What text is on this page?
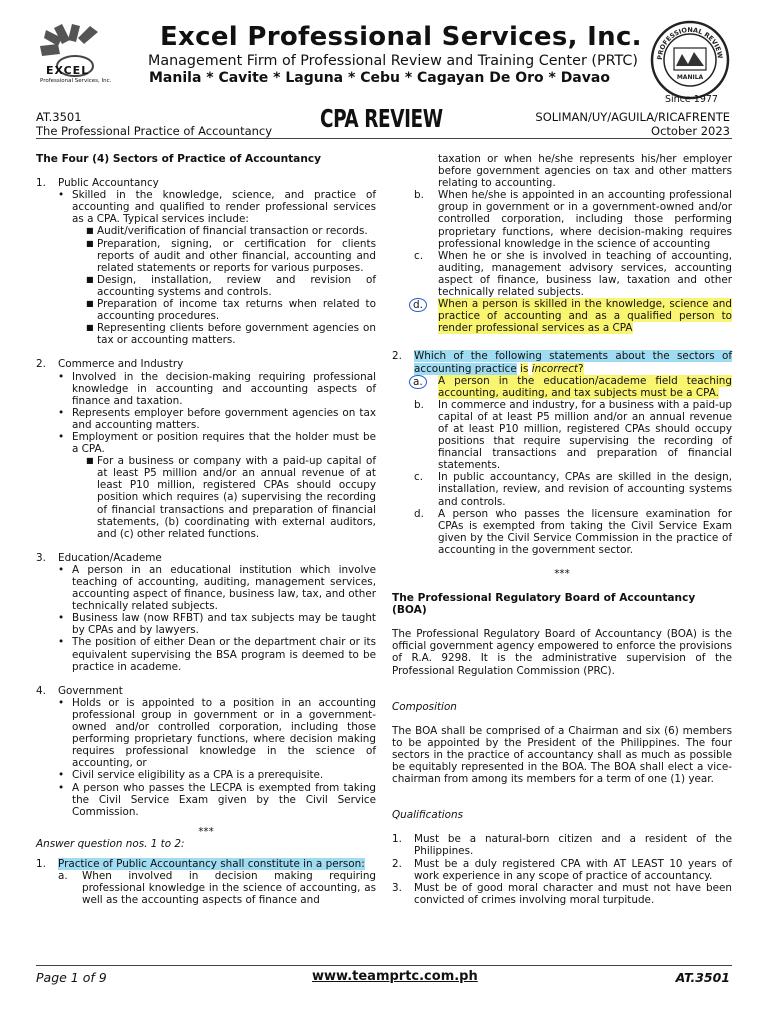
EXCEL
Professional Services, Inc.
Excel Professional Services, Inc.
Management Firm of Professional Review and Training Center (PRTC)
Manila * Cavite * Laguna * Cebu * Cagayan De Oro * Davao
PROFESSIONAL REVIEW
MANILA
Since 1977
AT.3501
The Professional Practice of Accountancy CPA REVIEW	SOLIMAN/UY/AGUILA/RICAFRENTE
October 2023

The Four (4) Sectors of Practice of Accountancy

1.	Public Accountancy
• Skilled in the knowledge, science, and practice of accounting and qualified to render professional services as a CPA. Typical services include:
■ Audit/verification of financial transaction or records.
■ Preparation, signing, or certification for clients reports of audit and other financial, accounting and related statements or reports for various purposes.
■ Design, installation, review and revision of accounting systems and controls.
■ Preparation of income tax returns when related to accounting procedures.
■ Representing clients before government agencies on tax or accounting matters.
2.	Commerce and Industry
• Involved in the decision-making requiring professional knowledge in accounting and accounting aspects of finance and taxation.
• Represents employer before government agencies on tax and accounting matters.
• Employment or position requires that the holder must be a CPA.
■ For a business or company with a paid-up capital of at least P5 million and/or an annual revenue of at least P10 million, registered CPAs should occupy position which requires (a) supervising the recording of financial transactions and preparation of financial statements, (b) coordinating with external auditors, and (c) other related functions.
3.	Education/Academe
• A person in an educational institution which involve teaching of accounting, auditing, management services, accounting aspect of finance, business law, tax, and other technically related subjects.
• Business law (now RFBT) and tax subjects may be taught by CPAs and by lawyers.
• The position of either Dean or the department chair or its equivalent supervising the BSA program is deemed to be practice in academe.
4.	Government
• Holds or is appointed to a position in an accounting professional group in government or in a government-owned and/or controlled corporation, including those performing proprietary functions, where decision making requires professional knowledge in the science of accounting, or
• Civil service eligibility as a CPA is a prerequisite.
• A person who passes the LECPA is exempted from taking the Civil Service Exam given by the Civil Service Commission.

***

Answer question nos. 1 to 2:

1.	Practice of Public Accountancy shall constitute in a person:
a.	When involved in decision making requiring professional knowledge in the science of accounting, as well as the accounting aspects of finance and
taxation or when he/she represents his/her employer before government agencies on tax and other matters relating to accounting.
b.	When he/she is appointed in an accounting professional group in government or in a government-owned and/or controlled corporation, including those performing proprietary functions, where decision-making requires professional knowledge in the science of accounting
c.	When he or she is involved in teaching of accounting, auditing, management advisory services, accounting aspect of finance, business law, taxation and other technically related subjects.
d.	When a person is skilled in the knowledge, science and practice of accounting and as a qualified person to render professional services as a CPA
2.	Which of the following statements about the sectors of accounting practice is incorrect?
a.	A person in the education/academe field teaching accounting, auditing, and tax subjects must be a CPA.
b.	In commerce and industry, for a business with a paid-up capital of at least P5 million and/or an annual revenue of at least P10 million, registered CPAs should occupy positions that require supervising the recording of financial transactions and preparation of financial statements.
c.	In public accountancy, CPAs are skilled in the design, installation, review, and revision of accounting systems and controls.
d.	A person who passes the licensure examination for CPAs is exempted from taking the Civil Service Exam given by the Civil Service Commission in the practice of accounting in the government sector.

***

The Professional Regulatory Board of Accountancy (BOA)

The Professional Regulatory Board of Accountancy (BOA) is the official government agency empowered to enforce the provisions of R.A. 9298. It is the administrative supervision of the Professional Regulation Commission (PRC).

Composition

The BOA shall be comprised of a Chairman and six (6) members to be appointed by the President of the Philippines. The four sectors in the practice of accountancy shall as much as possible be equitably represented in the BOA. The BOA shall elect a vice-chairman from among its members for a term of one (1) year.

Qualifications

1.	Must be a natural-born citizen and a resident of the Philippines.
2.	Must be a duly registered CPA with AT LEAST 10 years of work experience in any scope of practice of accountancy.
3.	Must be of good moral character and must not have been convicted of crimes involving moral turpitude.
Page 1 of 9	www.teamprtc.com.ph	AT.3501
